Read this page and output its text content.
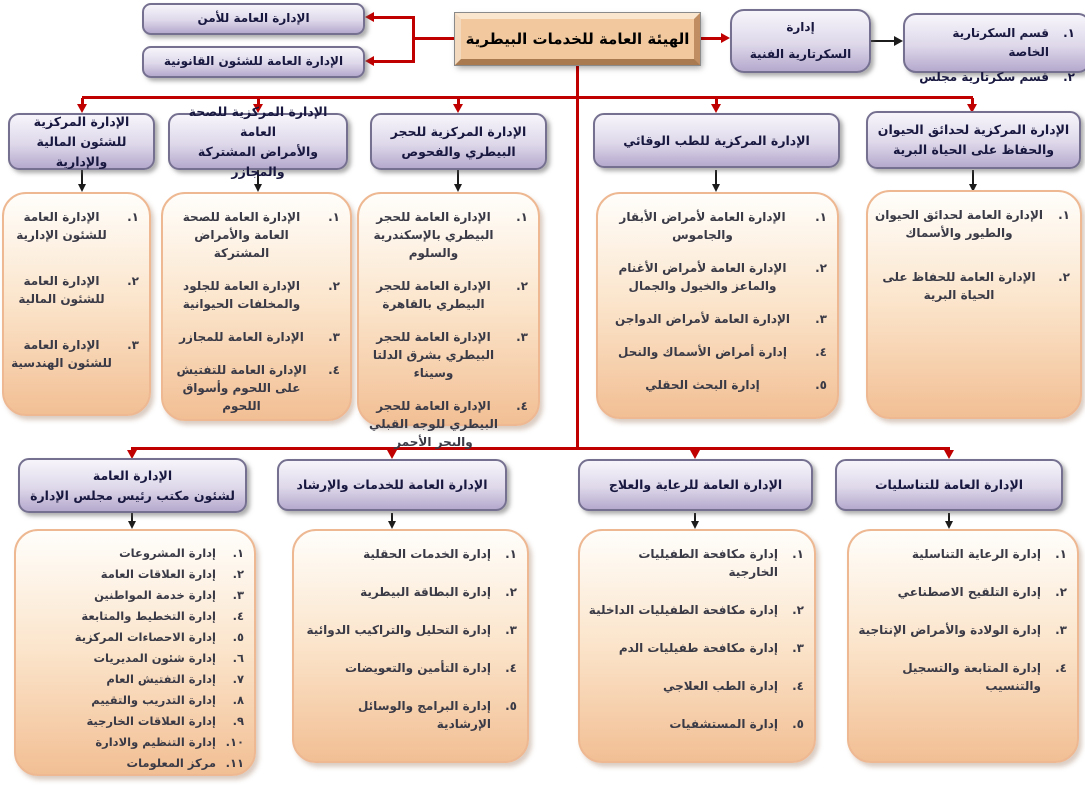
الإدارة العامة للأمن
الإدارة العامة للشئون القانونية
الهيئة العامة للخدمات البيطرية
إدارة
السكرتارية الفنية
١.
قسم السكرتارية الخاصة
٢.
قسم سكرتارية مجلس
الإدارة المركزية
للشئون المالية والإدارية
الإدارة المركزية للصحة العامة
والأمراض المشتركة والمجازر
الإدارة المركزية للحجر
البيطري والفحوص
الإدارة المركزية للطب الوقائي
الإدارة المركزية لحدائق الحيوان
والحفاظ على الحياة البرية
١.
الإدارة العامة للشئون الإدارية
٢.
الإدارة العامة للشئون المالية
٣.
الإدارة العامة للشئون الهندسية
١.
الإدارة العامة للصحة العامة والأمراض المشتركة
٢.
الإدارة العامة للجلود والمخلفات الحيوانية
٣.
الإدارة العامة للمجازر
٤.
الإدارة العامة للتفتيش على اللحوم وأسواق اللحوم
١.
الإدارة العامة للحجر البيطري بالإسكندرية والسلوم
٢.
الإدارة العامة للحجر البيطري بالقاهرة
٣.
الإدارة العامة للحجر البيطري بشرق الدلتا وسيناء
٤.
الإدارة العامة للحجر البيطري للوجه القبلي والبحر الأحمر
١.
الإدارة العامة لأمراض الأبقار والجاموس
٢.
الإدارة العامة لأمراض الأغنام والماعز والخيول والجمال
٣.
الإدارة العامة لأمراض الدواجن
٤.
إدارة أمراض الأسماك والنحل
٥.
إدارة البحث الحقلي
١.
الإدارة العامة لحدائق الحيوان والطيور والأسماك
٢.
الإدارة العامة للحفاظ على الحياة البرية
الإدارة العامة
لشئون مكتب رئيس مجلس الإدارة
الإدارة العامة للخدمات والإرشاد	الإدارة العامة للرعاية والعلاج	الإدارة العامة للتناسليات
١.
إدارة المشروعات
٢.
إدارة العلاقات العامة
٣.
إدارة خدمة المواطنين
٤.
إدارة التخطيط والمتابعة
٥.
إدارة الاحصاءات المركزية
٦.
إدارة شئون المديريات
٧.
إدارة التفتيش العام
٨.
إدارة التدريب والتقييم
٩.
إدارة العلاقات الخارجية
١٠.
إدارة التنظيم والادارة
١١.
مركز المعلومات
١.
إدارة الخدمات الحقلية
٢.
إدارة البطاقة البيطرية
٣.
إدارة التحليل والتراكيب الدوائية
٤.
إدارة التأمين والتعويضات
٥.
إدارة البرامج والوسائل الإرشادية
١.
إدارة مكافحة الطفيليات الخارجية
٢.
إدارة مكافحة الطفيليات الداخلية
٣.
إدارة مكافحة طفيليات الدم
٤.
إدارة الطب العلاجي
٥.
إدارة المستشفيات
١.
إدارة الرعاية التناسلية
٢.
إدارة التلقيح الاصطناعي
٣.
إدارة الولادة والأمراض الإنتاجية
٤.
إدارة المتابعة والتسجيل والتنسيب
